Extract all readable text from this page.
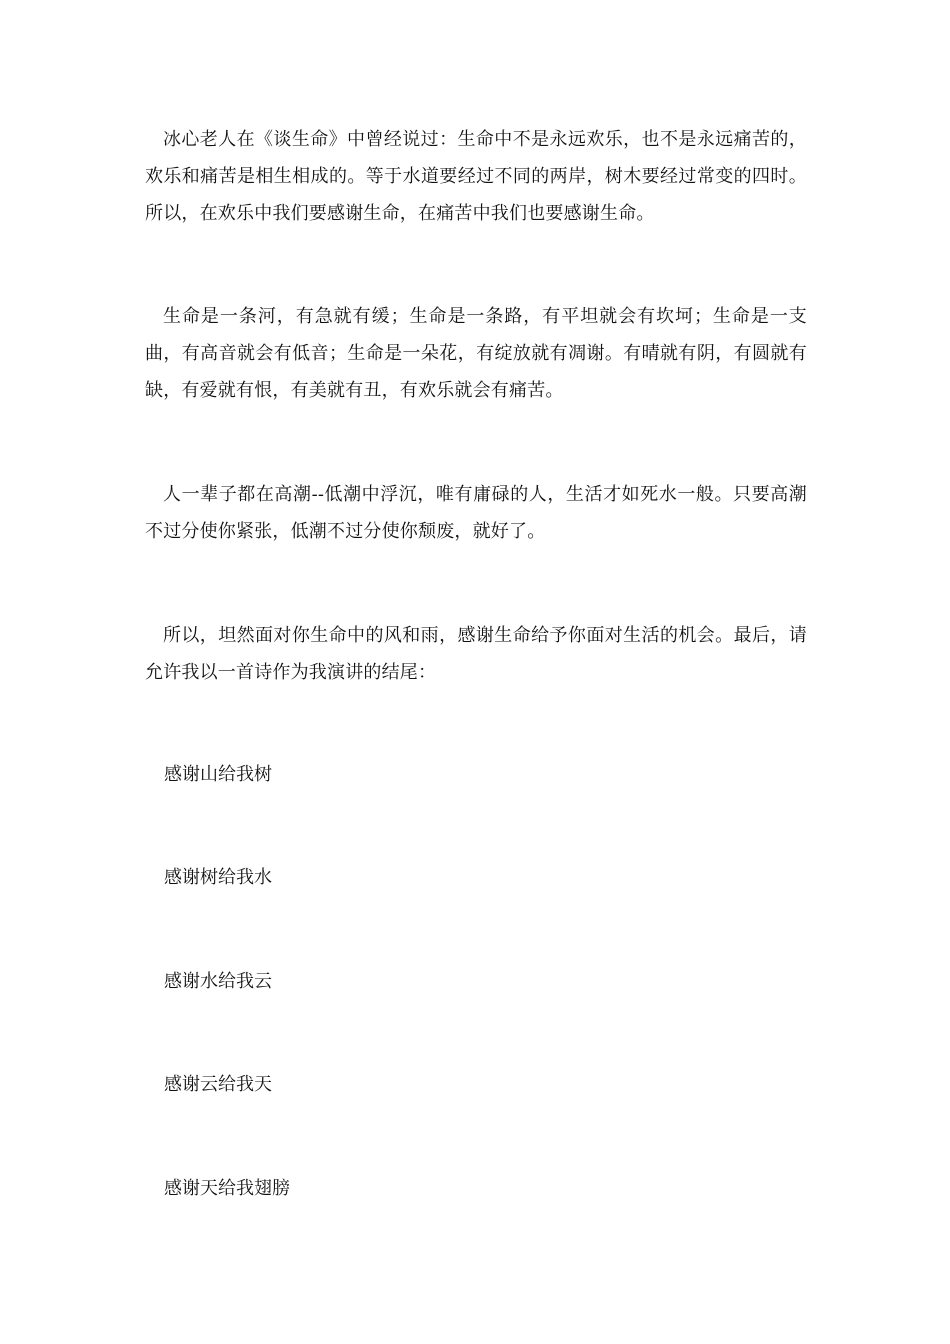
冰心老人在《谈生命》中曾经说过：生命中不是永远欢乐，也不是永远痛苦的，欢乐和痛苦是相生相成的。等于水道要经过不同的两岸，树木要经过常变的四时。所以，在欢乐中我们要感谢生命，在痛苦中我们也要感谢生命。

生命是一条河，有急就有缓；生命是一条路，有平坦就会有坎坷；生命是一支曲，有高音就会有低音；生命是一朵花，有绽放就有凋谢。有晴就有阴，有圆就有缺，有爱就有恨，有美就有丑，有欢乐就会有痛苦。

人一辈子都在高潮--低潮中浮沉，唯有庸碌的人，生活才如死水一般。只要高潮不过分使你紧张，低潮不过分使你颓废，就好了。

所以，坦然面对你生命中的风和雨，感谢生命给予你面对生活的机会。最后，请允许我以一首诗作为我演讲的结尾：

感谢山给我树

感谢树给我水

感谢水给我云

感谢云给我天

感谢天给我翅膀
